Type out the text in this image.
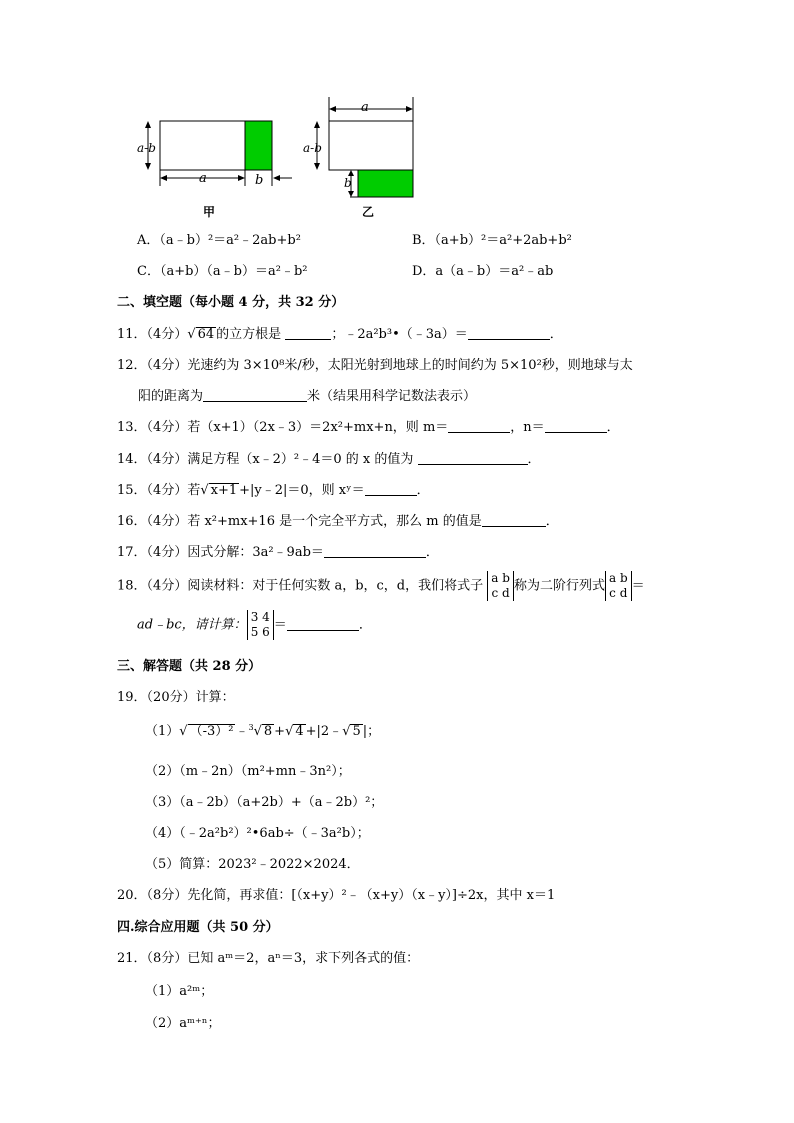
a-b
a	b
甲
a
a-b
b
乙
A．（a﹣b）²＝a²﹣2ab+b²	B．（a+b）²＝a²+2ab+b²
C．（a+b）（a﹣b）＝a²﹣b²	D．a（a﹣b）＝a²﹣ab
二、填空题（每小题 4 分，共 32 分）
11．（4分）√ 64 的立方根是	；﹣2a²b³•（﹣3a）＝	．
12．（4分）光速约为 3×10⁸米/秒，太阳光射到地球上的时间约为 5×10²秒，则地球与太
阳的距离为	米（结果用科学记数法表示）
13．（4分）若（x+1）（2x﹣3）＝2x²+mx+n，则 m＝	，n＝	．
14．（4分）满足方程（x﹣2）²﹣4＝0 的 x 的值为	．
15．（4分）若√ x+1 +|y﹣2|＝0，则 xʸ＝	．
16．（4分）若 x²+mx+16 是一个完全平方式，那么 m 的值是	．
17．（4分）因式分解：3a²﹣9ab＝	．
18．（4分）阅读材料：对于任何实数 a，b，c，d，我们将式子 a b
c d 称为二阶行列式a b
c d ＝
ad﹣bc，请计算：3 4
5 6 ＝	．
三、解答题（共 28 分）
19．（20分）计算：
（1）√ （-3）² ﹣$^3$√ 8 +√ 4 +|2﹣√ 5 |；
（2）（m﹣2n）（m²+mn﹣3n²）；
（3）（a﹣2b）（a+2b）+（a﹣2b）²；
（4）（﹣2a²b²）²•6ab÷（﹣3a²b）；
（5）简算：2023²﹣2022×2024．
20．（8分）先化简，再求值：[（x+y）²﹣（x+y）（x﹣y）]÷2x，其中 x＝1
四.综合应用题（共 50 分）
21．（8分）已知 aᵐ＝2，aⁿ＝3，求下列各式的值：
（1）a²ᵐ；
（2）aᵐ⁺ⁿ；
